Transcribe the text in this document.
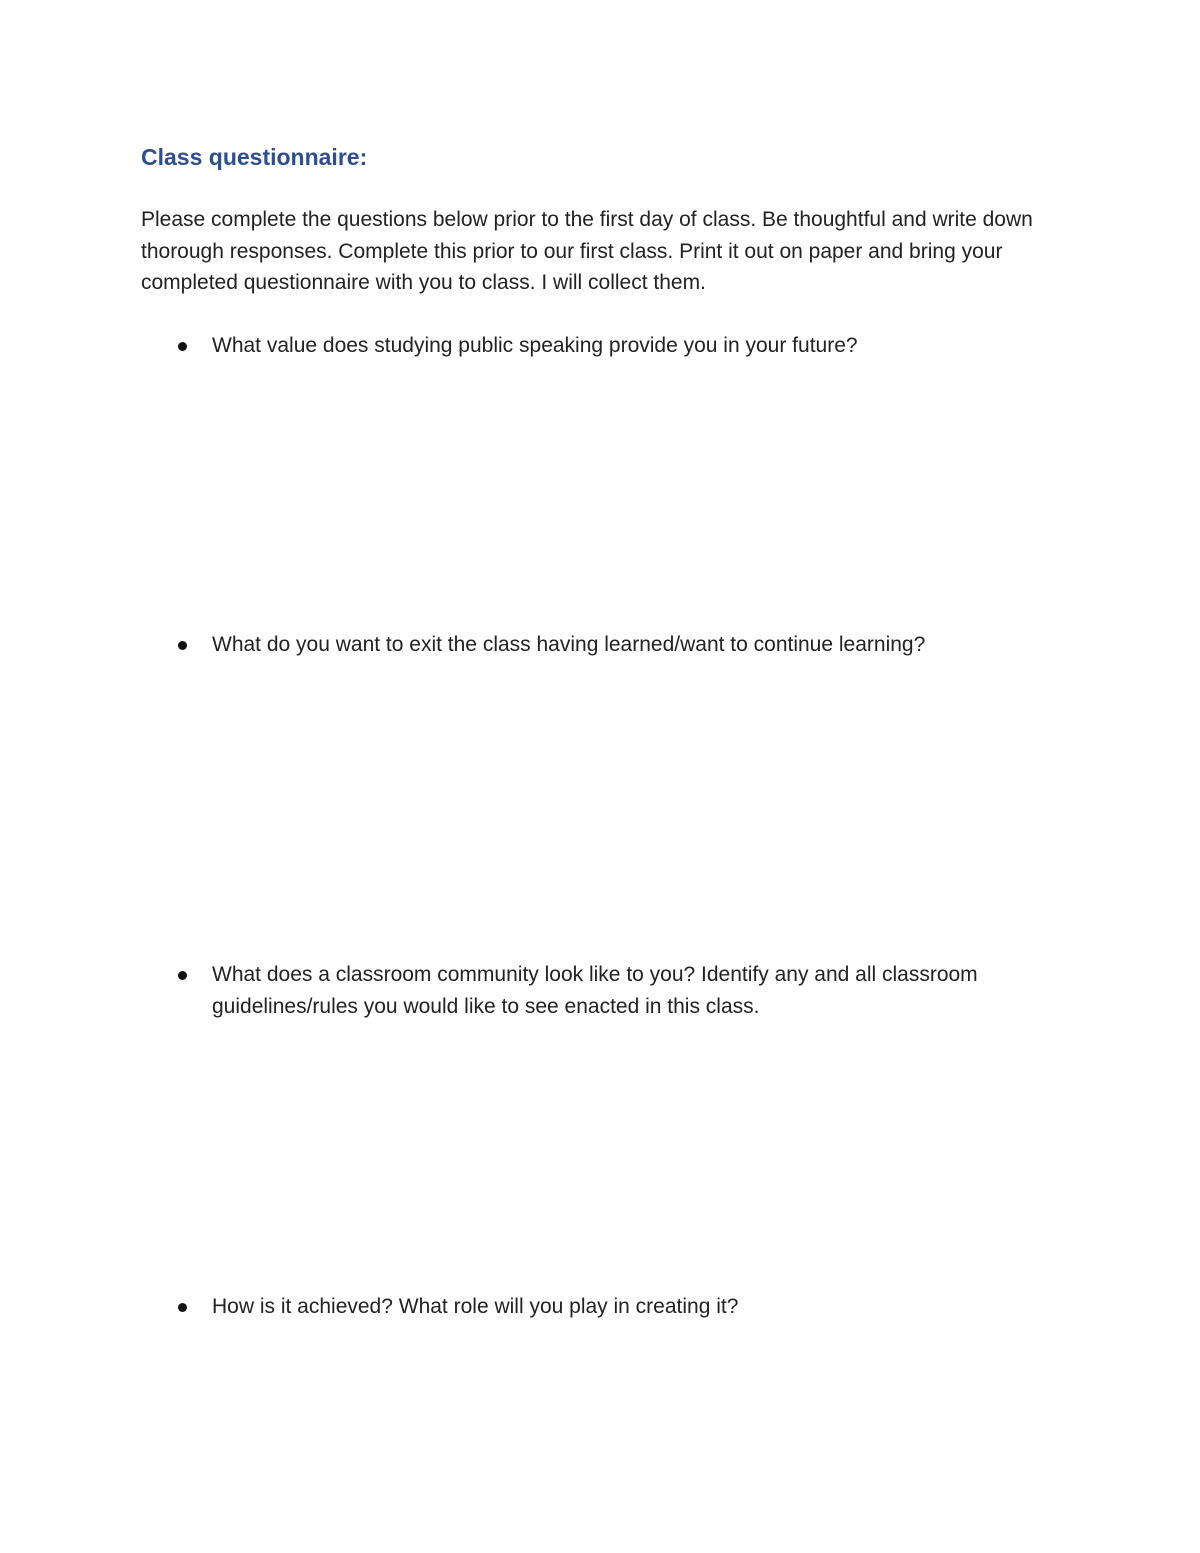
Class questionnaire:

Please complete the questions below prior to the first day of class. Be thoughtful and write down thorough responses. Complete this prior to our first class. Print it out on paper and bring your completed questionnaire with you to class. I will collect them.

What value does studying public speaking provide you in your future?
What do you want to exit the class having learned/want to continue learning?
What does a classroom community look like to you? Identify any and all classroom guidelines/rules you would like to see enacted in this class.
How is it achieved? What role will you play in creating it?
